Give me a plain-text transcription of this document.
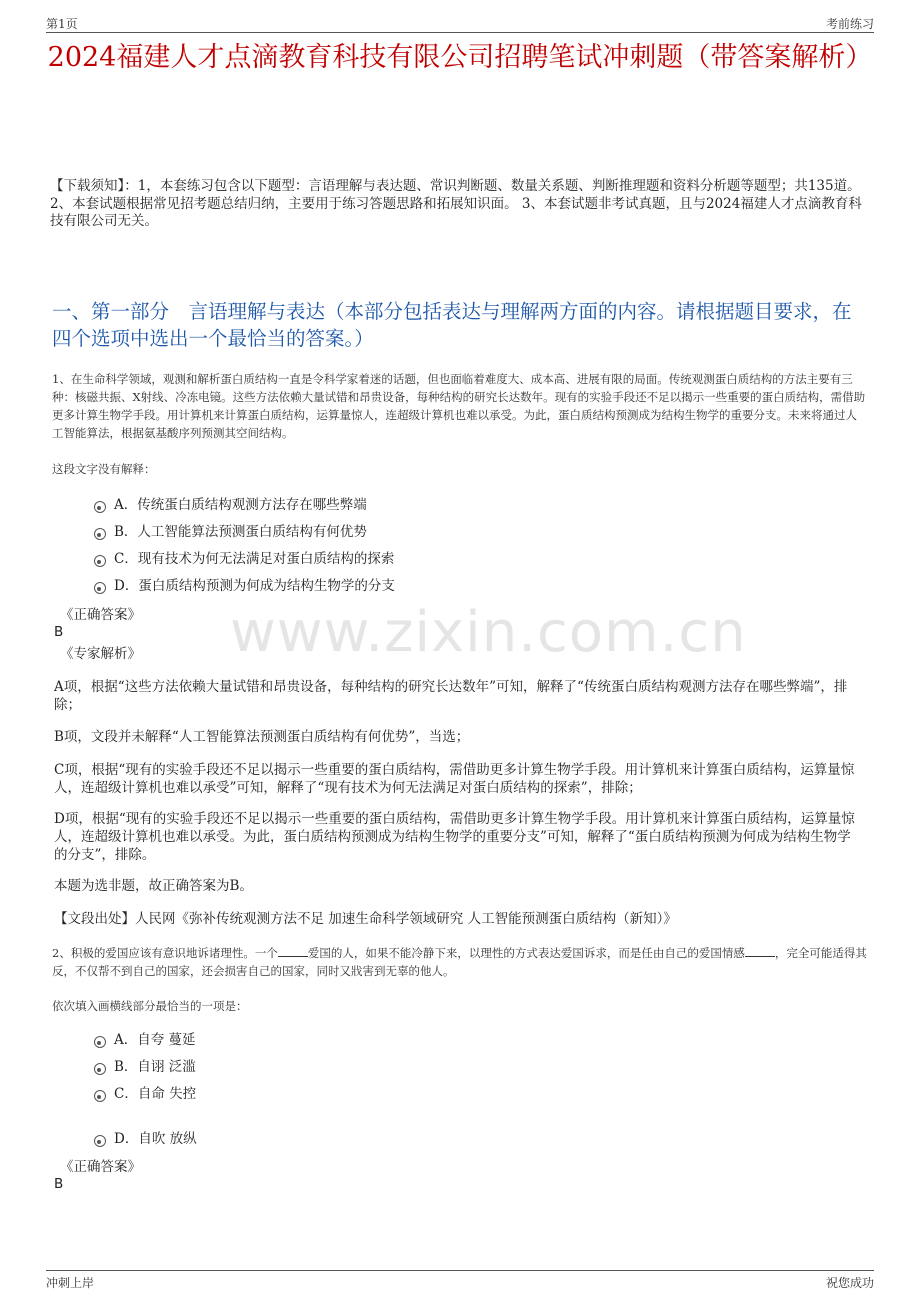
第1页	考前练习
2024福建人才点滴教育科技有限公司招聘笔试冲刺题（带答案解析）
【下载须知】：1，本套练习包含以下题型：言语理解与表达题、常识判断题、数量关系题、判断推理题和资料分析题等题型；共135道。 2、本套试题根据常见招考题总结归纳，主要用于练习答题思路和拓展知识面。 3、本套试题非考试真题，且与2024福建人才点滴教育科技有限公司无关。
一、第一部分　言语理解与表达（本部分包括表达与理解两方面的内容。请根据题目要求，在四个选项中选出一个最恰当的答案。）
1、在生命科学领域，观测和解析蛋白质结构一直是令科学家着迷的话题，但也面临着难度大、成本高、进展有限的局面。传统观测蛋白质结构的方法主要有三种：核磁共振、X射线、冷冻电镜。这些方法依赖大量试错和昂贵设备，每种结构的研究长达数年。现有的实验手段还不足以揭示一些重要的蛋白质结构，需借助更多计算生物学手段。用计算机来计算蛋白质结构，运算量惊人，连超级计算机也难以承受。为此，蛋白质结构预测成为结构生物学的重要分支。未来将通过人工智能算法，根据氨基酸序列预测其空间结构。
这段文字没有解释：
A．传统蛋白质结构观测方法存在哪些弊端
B．人工智能算法预测蛋白质结构有何优势
C．现有技术为何无法满足对蛋白质结构的探索
D．蛋白质结构预测为何成为结构生物学的分支
《正确答案》
B
《专家解析》 www.zixin.com.cn
A项，根据“这些方法依赖大量试错和昂贵设备，每种结构的研究长达数年”可知，解释了“传统蛋白质结构观测方法存在哪些弊端”，排除；
B项，文段并未解释“人工智能算法预测蛋白质结构有何优势”，当选；
C项，根据“现有的实验手段还不足以揭示一些重要的蛋白质结构，需借助更多计算生物学手段。用计算机来计算蛋白质结构，运算量惊人，连超级计算机也难以承受”可知，解释了“现有技术为何无法满足对蛋白质结构的探索”，排除；
D项，根据“现有的实验手段还不足以揭示一些重要的蛋白质结构，需借助更多计算生物学手段。用计算机来计算蛋白质结构，运算量惊人，连超级计算机也难以承受。为此，蛋白质结构预测成为结构生物学的重要分支”可知，解释了“蛋白质结构预测为何成为结构生物学的分支”，排除。
本题为选非题，故正确答案为B。
【文段出处】人民网《弥补传统观测方法不足 加速生命科学领域研究 人工智能预测蛋白质结构（新知）》
2、积极的爱国应该有意识地诉诸理性。一个	爱国的人，如果不能冷静下来，以理性的方式表达爱国诉求，而是任由自己的爱国情感	，完全可能适得其反，不仅帮不到自己的国家，还会损害自己的国家，同时又戕害到无辜的他人。
依次填入画横线部分最恰当的一项是：
A．自夸 蔓延
B．自诩 泛滥
C．自命 失控
D．自吹 放纵
《正确答案》
B
冲刺上岸	祝您成功
